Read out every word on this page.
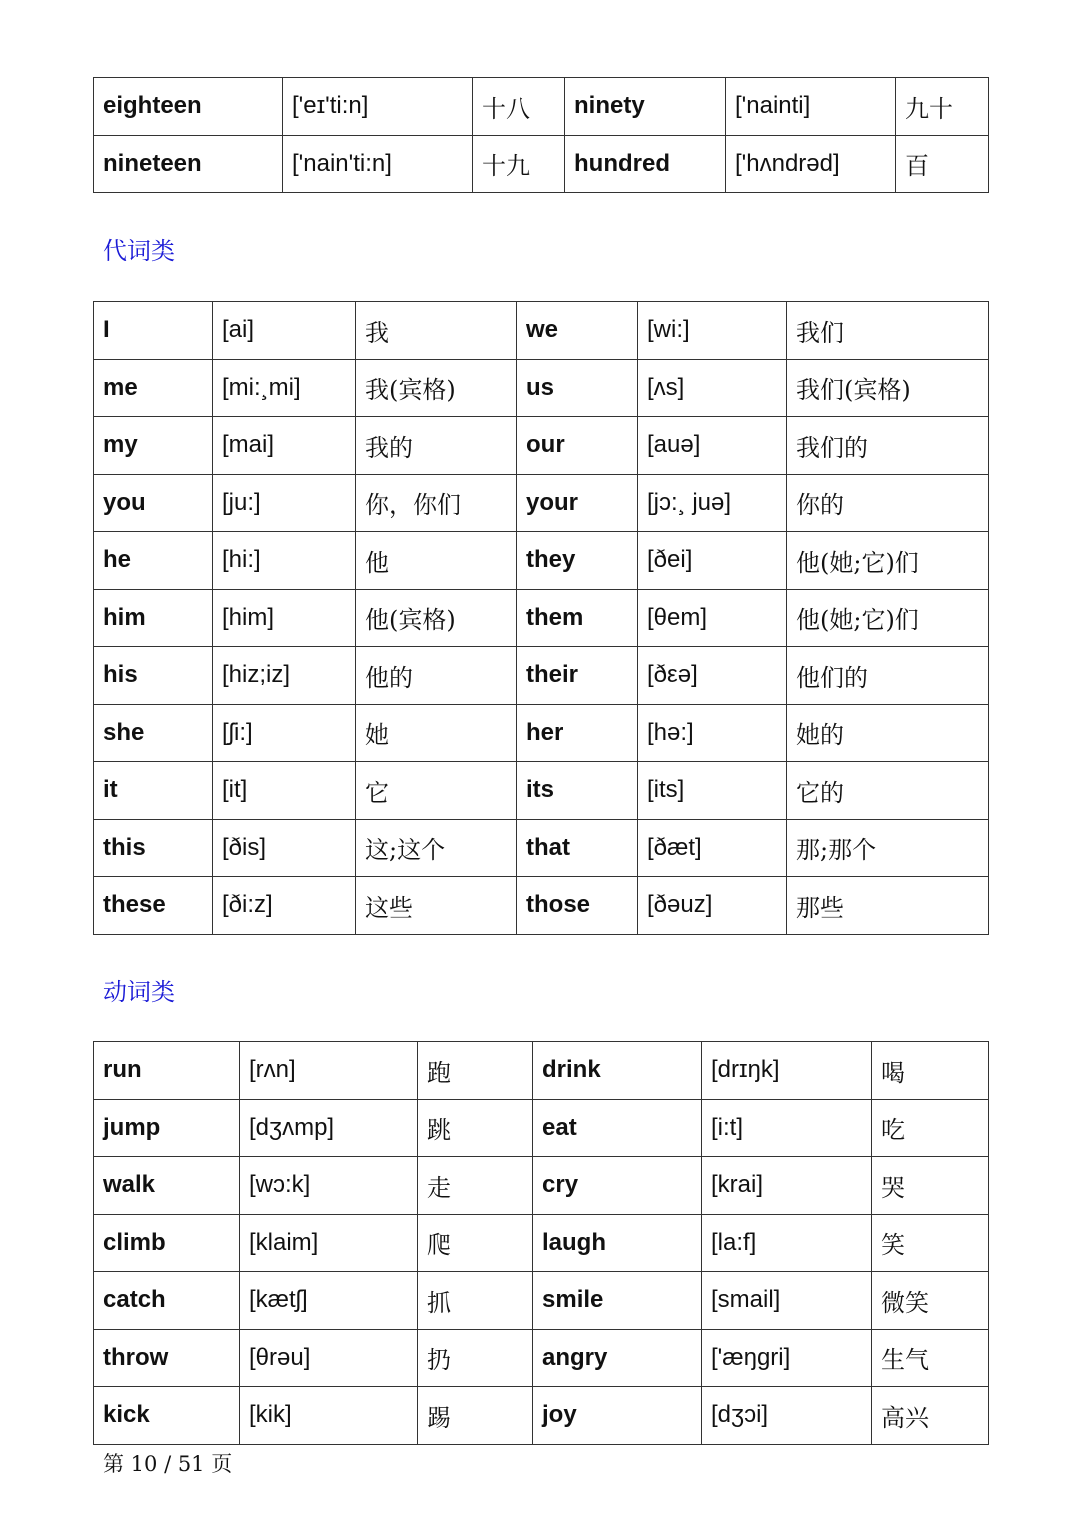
eighteen	['eɪ'ti:n]	十八	ninety	['nainti]	九十
nineteen	['nain'ti:n]	十九	hundred	['hʌndrəd]	百
代词类
I	[ai]	我	we	[wi:]	我们
me	[mi:¸mi]	我(宾格)	us	[ʌs]	我们(宾格)
my	[mai]	我的	our	[auə]	我们的
you	[ju:]	你，你们	your	[jɔ:¸ juə]	你的
he	[hi:]	他	they	[ðei]	他(她;它)们
him	[him]	他(宾格)	them	[θem]	他(她;它)们
his	[hiz;iz]	他的	their	[ðεə]	他们的
she	[ʃi:]	她	her	[hə:]	她的
it	[it]	它	its	[its]	它的
this	[ðis]	这;这个	that	[ðæt]	那;那个
these	[ði:z]	这些	those	[ðəuz]	那些
动词类
run	[rʌn]	跑	drink	[drɪŋk]	喝
jump	[dʒʌmp]	跳	eat	[i:t]	吃
walk	[wɔ:k]	走	cry	[krai]	哭
climb	[klaim]	爬	laugh	[la:f]	笑
catch	[kætʃ]	抓	smile	[smail]	微笑
throw	[θrəu]	扔	angry	['æŋgri]	生气
kick	[kik]	踢	joy	[dʒɔi]	高兴
第 10 / 51 页
